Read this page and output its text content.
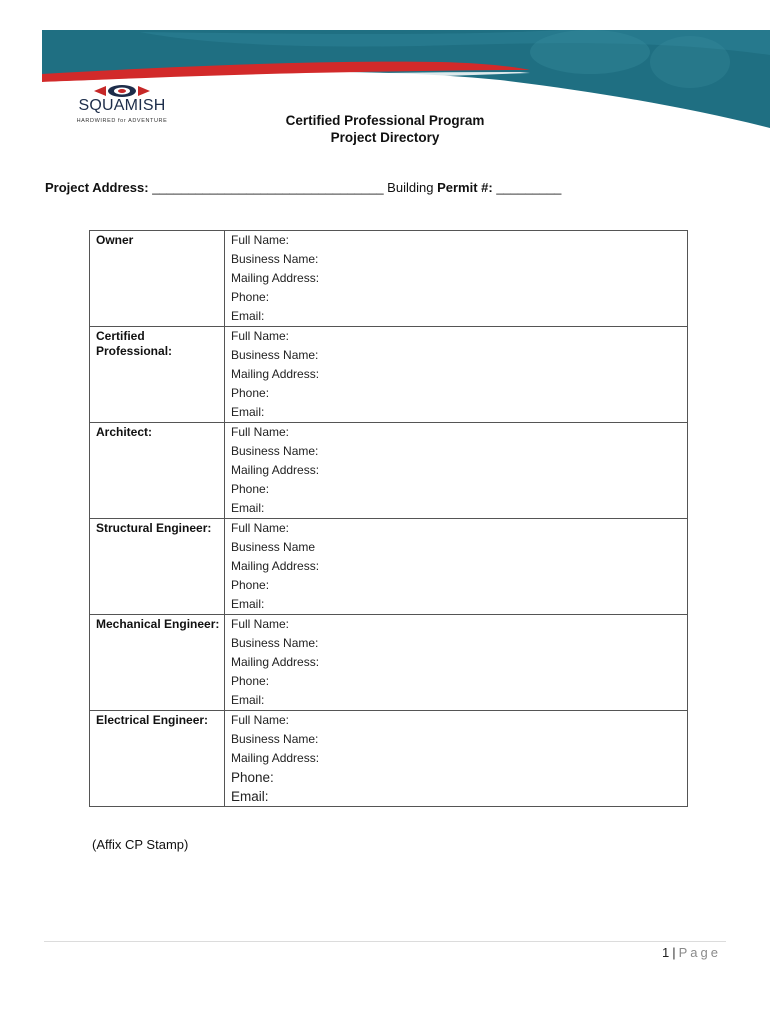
SQUAMISH
HARDWIRED for ADVENTURE	Certified Professional Program
Project Directory
Project Address: ________________________________ Building Permit #: _________
Owner	Full Name:
Business Name:
Mailing Address:
Phone:
Email:

Certified Professional:	Full Name:
Business Name:
Mailing Address:
Phone:
Email:

Architect:	Full Name:
Business Name:
Mailing Address:
Phone:
Email:

Structural Engineer:	Full Name:
Business Name
Mailing Address:
Phone:
Email:

Mechanical Engineer:	Full Name:
Business Name:
Mailing Address:
Phone:
Email:

Electrical Engineer:	Full Name:
Business Name:
Mailing Address:
Phone:
Email:
(Affix CP Stamp)
1 | Page
